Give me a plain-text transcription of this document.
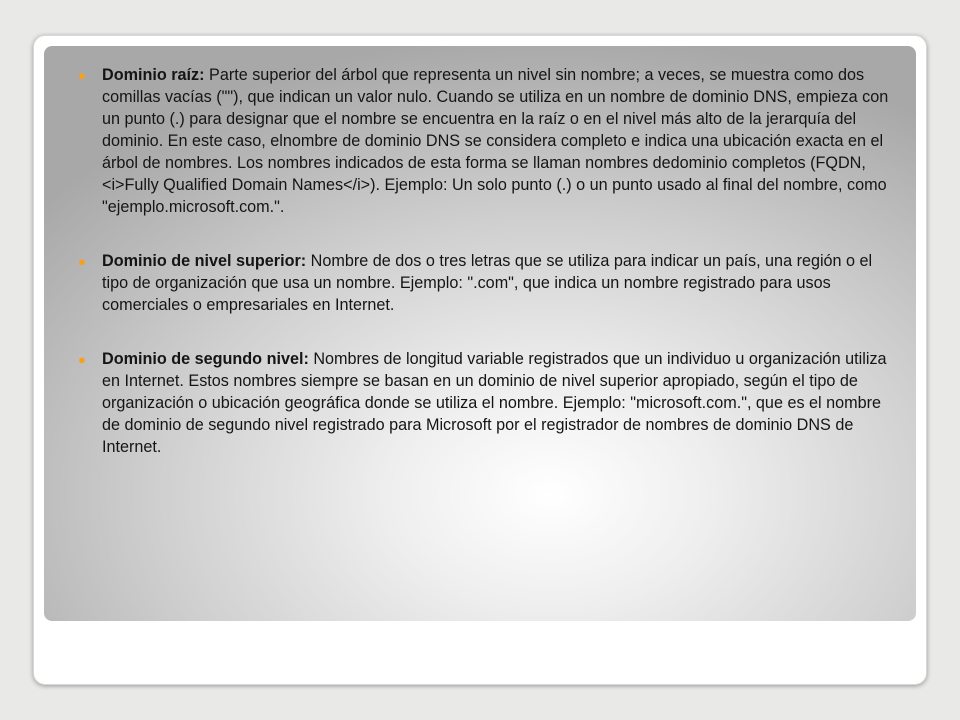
● Dominio raíz: Parte superior del árbol que representa un nivel sin nombre; a veces, se muestra como dos comillas vacías (""), que indican un valor nulo. Cuando se utiliza en un nombre de dominio DNS, empieza con un punto (.) para designar que el nombre se encuentra en la raíz o en el nivel más alto de la jerarquía del dominio. En este caso, elnombre de dominio DNS se considera completo e indica una ubicación exacta en el árbol de nombres. Los nombres indicados de esta forma se llaman nombres dedominio completos (FQDN, <i>Fully Qualified Domain Names</i>). Ejemplo: Un solo punto (.) o un punto usado al final del nombre, como "ejemplo.microsoft.com.".
● Dominio de nivel superior: Nombre de dos o tres letras que se utiliza para indicar un país, una región o el tipo de organización que usa un nombre. Ejemplo: ".com", que indica un nombre registrado para usos comerciales o empresariales en Internet.
● Dominio de segundo nivel: Nombres de longitud variable registrados que un individuo u organización utiliza en Internet. Estos nombres siempre se basan en un dominio de nivel superior apropiado, según el tipo de organización o ubicación geográfica donde se utiliza el nombre. Ejemplo: "microsoft.com.", que es el nombre de dominio de segundo nivel registrado para Microsoft por el registrador de nombres de dominio DNS de Internet.
